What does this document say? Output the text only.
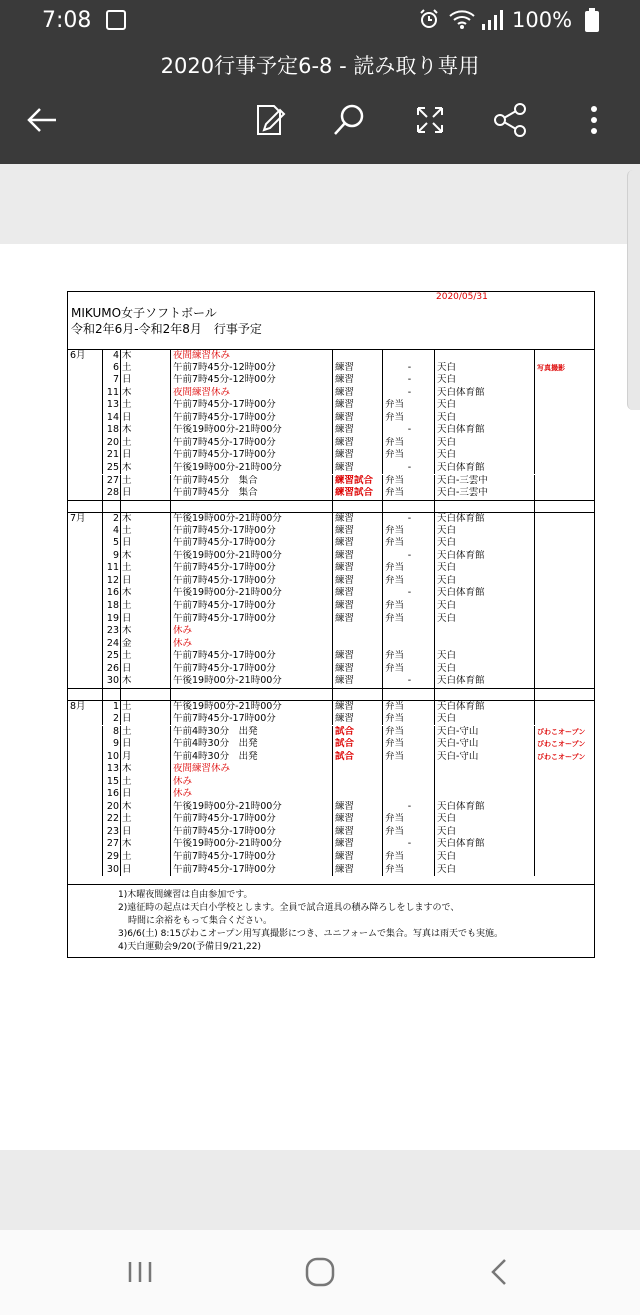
7:08	100%
2020行事予定6-8 - 読み取り専用
2020/05/31
MIKUMO女子ソフトボール
令和2年6月-令和2年8月　行事予定
6月	4 木	夜間練習休み
6 土	午前7時45分-12時00分	練習	-	天白	写真撮影
7 日	午前7時45分-12時00分	練習	-	天白
11 木	夜間練習休み	練習	-	天白体育館
13 土	午前7時45分-17時00分	練習	弁当	天白
14 日	午前7時45分-17時00分	練習	弁当	天白
18 木	午後19時00分-21時00分	練習	-	天白体育館
20 土	午前7時45分-17時00分	練習	弁当	天白
21 日	午前7時45分-17時00分	練習	弁当	天白
25 木	午後19時00分-21時00分	練習	-	天白体育館
27 土	午前7時45分　集合	練習試合	弁当	天白-三雲中
28 日	午前7時45分　集合	練習試合	弁当	天白-三雲中
7月	2 木	午後19時00分-21時00分	練習	-	天白体育館
4 土	午前7時45分-17時00分	練習	弁当	天白
5 日	午前7時45分-17時00分	練習	弁当	天白
9 木	午後19時00分-21時00分	練習	-	天白体育館
11 土	午前7時45分-17時00分	練習	弁当	天白
12 日	午前7時45分-17時00分	練習	弁当	天白
16 木	午後19時00分-21時00分	練習	-	天白体育館
18 土	午前7時45分-17時00分	練習	弁当	天白
19 日	午前7時45分-17時00分	練習	弁当	天白
23 木	休み
24 金	休み
25 土	午前7時45分-17時00分	練習	弁当	天白
26 日	午前7時45分-17時00分	練習	弁当	天白
30 木	午後19時00分-21時00分	練習	-	天白体育館
8月	1 土	午後19時00分-21時00分	練習	弁当	天白体育館
2 日	午前7時45分-17時00分	練習	弁当	天白
8 土	午前4時30分　出発	試合	弁当	天白-守山	びわこオープン
9 日	午前4時30分　出発	試合	弁当	天白-守山	びわこオープン
10 月	午前4時30分　出発	試合	弁当	天白-守山	びわこオープン
13 木	夜間練習休み
15 土	休み
16 日	休み
20 木	午後19時00分-21時00分	練習	-	天白体育館
22 土	午前7時45分-17時00分	練習	弁当	天白
23 日	午前7時45分-17時00分	練習	弁当	天白
27 木	午後19時00分-21時00分	練習	-	天白体育館
29 土	午前7時45分-17時00分	練習	弁当	天白
30 日	午前7時45分-17時00分	練習	弁当	天白
1)木曜夜間練習は自由参加です。
2)遠征時の起点は天白小学校とします。全員で試合道具の積み降ろしをしますので、
時間に余裕をもって集合ください。
3)6/6(土) 8:15びわこオープン用写真撮影につき、ユニフォームで集合。写真は雨天でも実施。
4)天白運動会9/20(予備日9/21,22)
